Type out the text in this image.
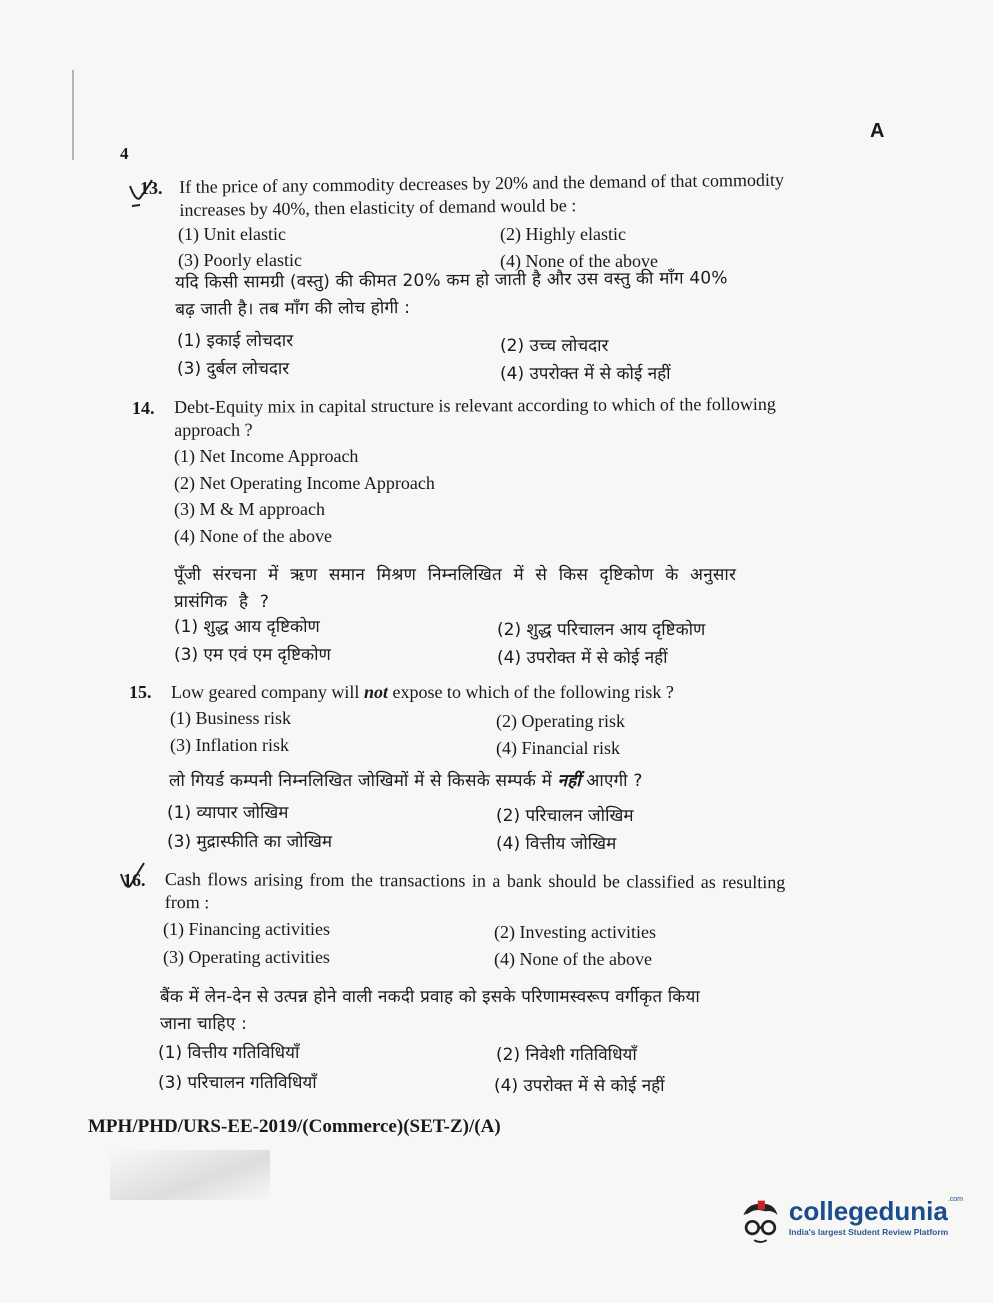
4
A
13. If the price of any commodity decreases by 20% and the demand of that commodity
increases by 40%, then elasticity of demand would be :
(1) Unit elastic	(2) Highly elastic
(3) Poorly elastic	(4) None of the above
यदि किसी सामग्री (वस्तु) की कीमत 20% कम हो जाती है और उस वस्तु की माँग 40%
बढ़ जाती है। तब माँग की लोच होगी :
(1) इकाई लोचदार	(2) उच्च लोचदार
(3) दुर्बल लोचदार	(4) उपरोक्त में से कोई नहीं
14. Debt-Equity mix in capital structure is relevant according to which of the following
approach ?
(1) Net Income Approach
(2) Net Operating Income Approach
(3) M & M approach
(4) None of the above
पूँजी संरचना में ऋण समान मिश्रण निम्नलिखित में से किस दृष्टिकोण के अनुसार
प्रासंगिक है ?
(1) शुद्ध आय दृष्टिकोण	(2) शुद्ध परिचालन आय दृष्टिकोण
(3) एम एवं एम दृष्टिकोण	(4) उपरोक्त में से कोई नहीं
15. Low geared company will not expose to which of the following risk ?
(1) Business risk	(2) Operating risk
(3) Inflation risk	(4) Financial risk
लो गियर्ड कम्पनी निम्नलिखित जोखिमों में से किसके सम्पर्क में नहीं आएगी ?
(1) व्यापार जोखिम	(2) परिचालन जोखिम
(3) मुद्रास्फीति का जोखिम	(4) वित्तीय जोखिम
16. Cash flows arising from the transactions in a bank should be classified as resulting
from :
(1) Financing activities	(2) Investing activities
(3) Operating activities	(4) None of the above
बैंक में लेन-देन से उत्पन्न होने वाली नकदी प्रवाह को इसके परिणामस्वरूप वर्गीकृत किया
जाना चाहिए :
(1) वित्तीय गतिविधियाँ	(2) निवेशी गतिविधियाँ
(3) परिचालन गतिविधियाँ	(4) उपरोक्त में से कोई नहीं
MPH/PHD/URS-EE-2019/(Commerce)(SET-Z)/(A)
collegedunia .com
India's largest Student Review Platform
